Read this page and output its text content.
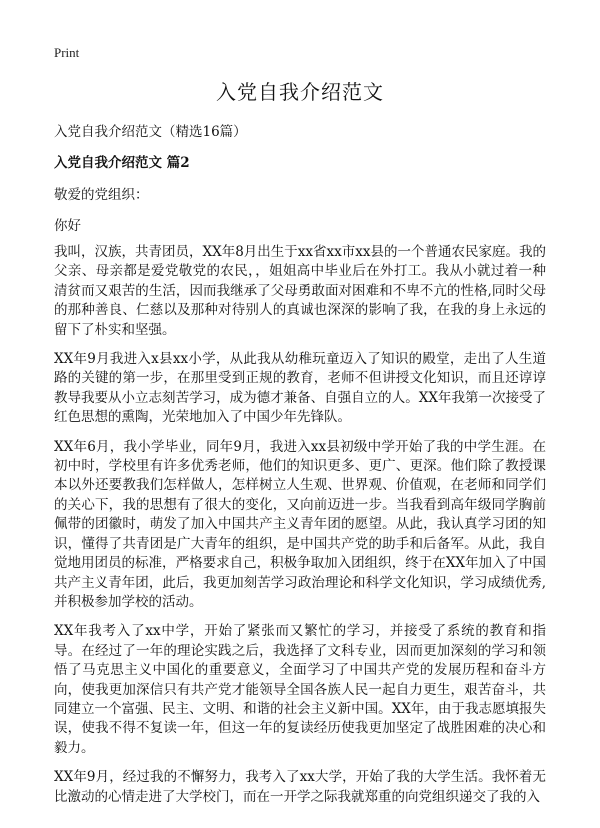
Print
入党自我介绍范文
入党自我介绍范文（精选16篇）
入党自我介绍范文 篇2
敬爱的党组织：
你好

我叫，汉族，共青团员，XX年8月出生于xx省xx市xx县的一个普通农民家庭。我的父亲、母亲都是爱党敬党的农民，，姐姐高中毕业后在外打工。我从小就过着一种清贫而又艰苦的生活，因而我继承了父母勇敢面对困难和不卑不亢的性格,同时父母的那种善良、仁慈以及那种对待别人的真诚也深深的影响了我，在我的身上永远的留下了朴实和坚强。

XX年9月我进入x县xx小学，从此我从幼稚玩童迈入了知识的殿堂，走出了人生道路的关键的第一步，在那里受到正规的教育，老师不但讲授文化知识，而且还谆谆教导我要从小立志刻苦学习，成为德才兼备、自强自立的人。XX年我第一次接受了红色思想的熏陶，光荣地加入了中国少年先锋队。

XX年6月，我小学毕业，同年9月，我进入xx县初级中学开始了我的中学生涯。在初中时，学校里有许多优秀老师，他们的知识更多、更广、更深。他们除了教授课本以外还要教我们怎样做人，怎样树立人生观、世界观、价值观，在老师和同学们的关心下，我的思想有了很大的变化，又向前迈进一步。当我看到高年级同学胸前佩带的团徽时，萌发了加入中国共产主义青年团的愿望。从此，我认真学习团的知识，懂得了共青团是广大青年的组织，是中国共产党的助手和后备军。从此，我自觉地用团员的标准，严格要求自己，积极争取加入团组织，终于在XX年加入了中国共产主义青年团，此后，我更加刻苦学习政治理论和科学文化知识，学习成绩优秀,并积极参加学校的活动。

XX年我考入了xx中学，开始了紧张而又繁忙的学习，并接受了系统的教育和指导。在经过了一年的理论实践之后，我选择了文科专业，因而更加深刻的学习和领悟了马克思主义中国化的重要意义，全面学习了中国共产党的发展历程和奋斗方向，使我更加深信只有共产党才能领导全国各族人民一起自力更生，艰苦奋斗，共同建立一个富强、民主、文明、和谐的社会主义新中国。XX年，由于我志愿填报失误，使我不得不复读一年，但这一年的复读经历使我更加坚定了战胜困难的决心和毅力。

XX年9月，经过我的不懈努力，我考入了xx大学，开始了我的大学生活。我怀着无比激动的心情走进了大学校门，而在一开学之际我就郑重的向党组织递交了我的入
